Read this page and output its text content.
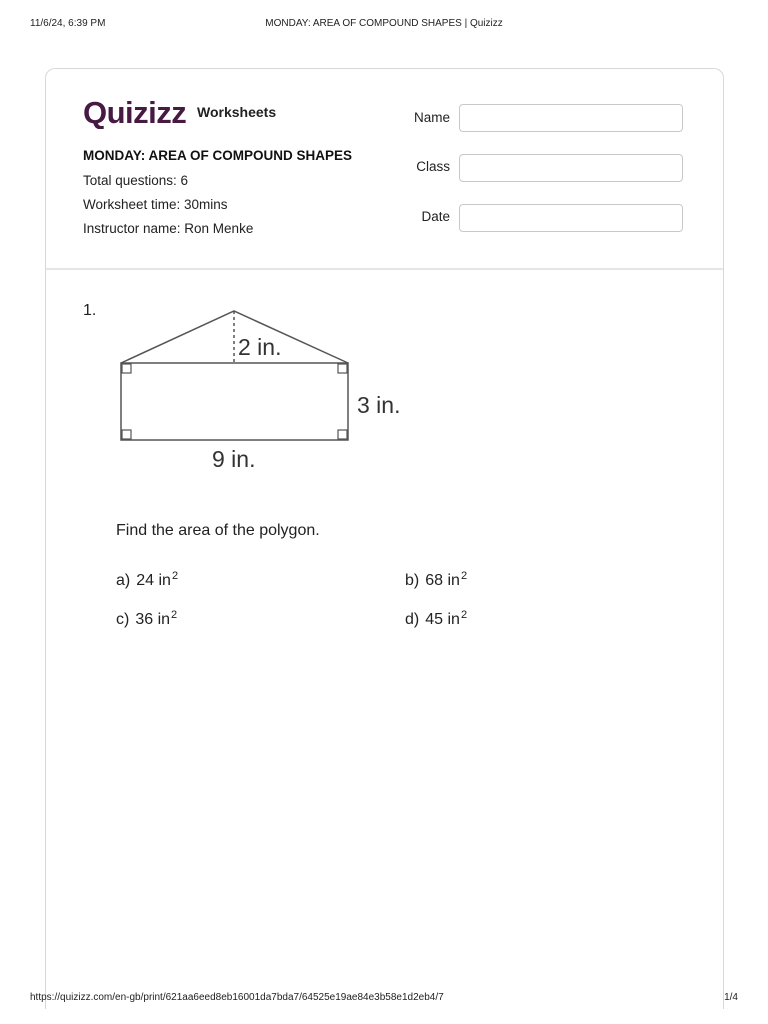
11/6/24, 6:39 PM	MONDAY: AREA OF COMPOUND SHAPES | Quizizz
Quizizz Worksheets
MONDAY: AREA OF COMPOUND SHAPES
Total questions: 6
Worksheet time: 30mins
Instructor name: Ron Menke
Name
Class
Date
1.
2 in.
3 in.
9 in.
Find the area of the polygon.
a) 24 $in^2$	b) 68 $in^2$
c) 36 $in^2$	d) 45 $in^2$
https://quizizz.com/en-gb/print/621aa6eed8eb16001da7bda7/64525e19ae84e3b58e1d2eb4/7	1/4
